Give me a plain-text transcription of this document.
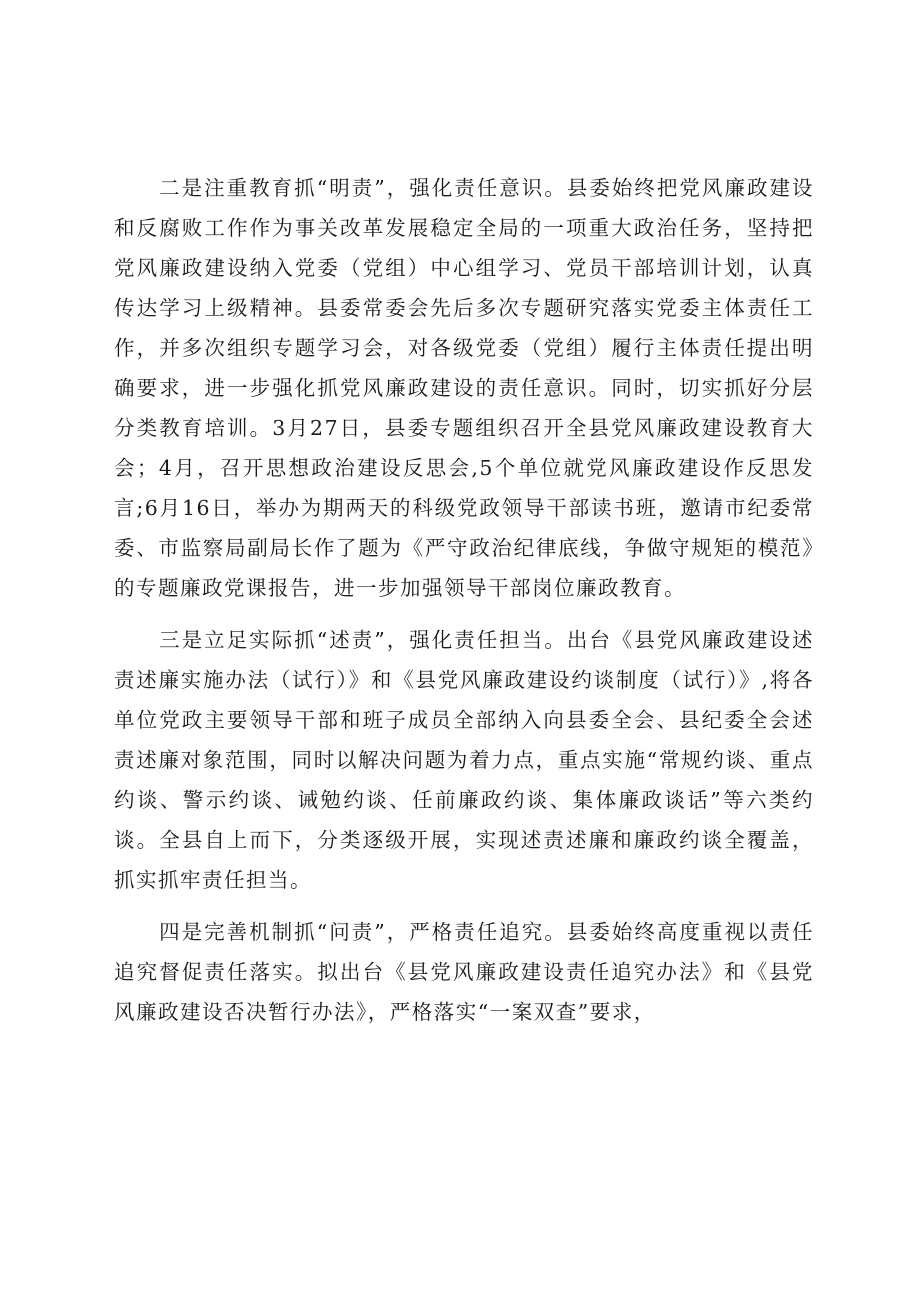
二是注重教育抓“明责”，强化责任意识。县委始终把党风廉政建设和反腐败工作作为事关改革发展稳定全局的一项重大政治任务，坚持把党风廉政建设纳入党委（党组）中心组学习、党员干部培训计划，认真传达学习上级精神。县委常委会先后多次专题研究落实党委主体责任工作，并多次组织专题学习会，对各级党委（党组）履行主体责任提出明确要求，进一步强化抓党风廉政建设的责任意识。同时，切实抓好分层分类教育培训。3月27日，县委专题组织召开全县党风廉政建设教育大会；4月，召开思想政治建设反思会,5个单位就党风廉政建设作反思发言;6月16日，举办为期两天的科级党政领导干部读书班，邀请市纪委常委、市监察局副局长作了题为《严守政治纪律底线，争做守规矩的模范》的专题廉政党课报告，进一步加强领导干部岗位廉政教育。

三是立足实际抓“述责”，强化责任担当。出台《县党风廉政建设述责述廉实施办法（试行）》和《县党风廉政建设约谈制度（试行）》,将各单位党政主要领导干部和班子成员全部纳入向县委全会、县纪委全会述责述廉对象范围，同时以解决问题为着力点，重点实施“常规约谈、重点约谈、警示约谈、诫勉约谈、任前廉政约谈、集体廉政谈话”等六类约谈。全县自上而下，分类逐级开展，实现述责述廉和廉政约谈全覆盖，抓实抓牢责任担当。

四是完善机制抓“问责”，严格责任追究。县委始终高度重视以责任追究督促责任落实。拟出台《县党风廉政建设责任追究办法》和《县党风廉政建设否决暂行办法》，严格落实“一案双查”要求，
